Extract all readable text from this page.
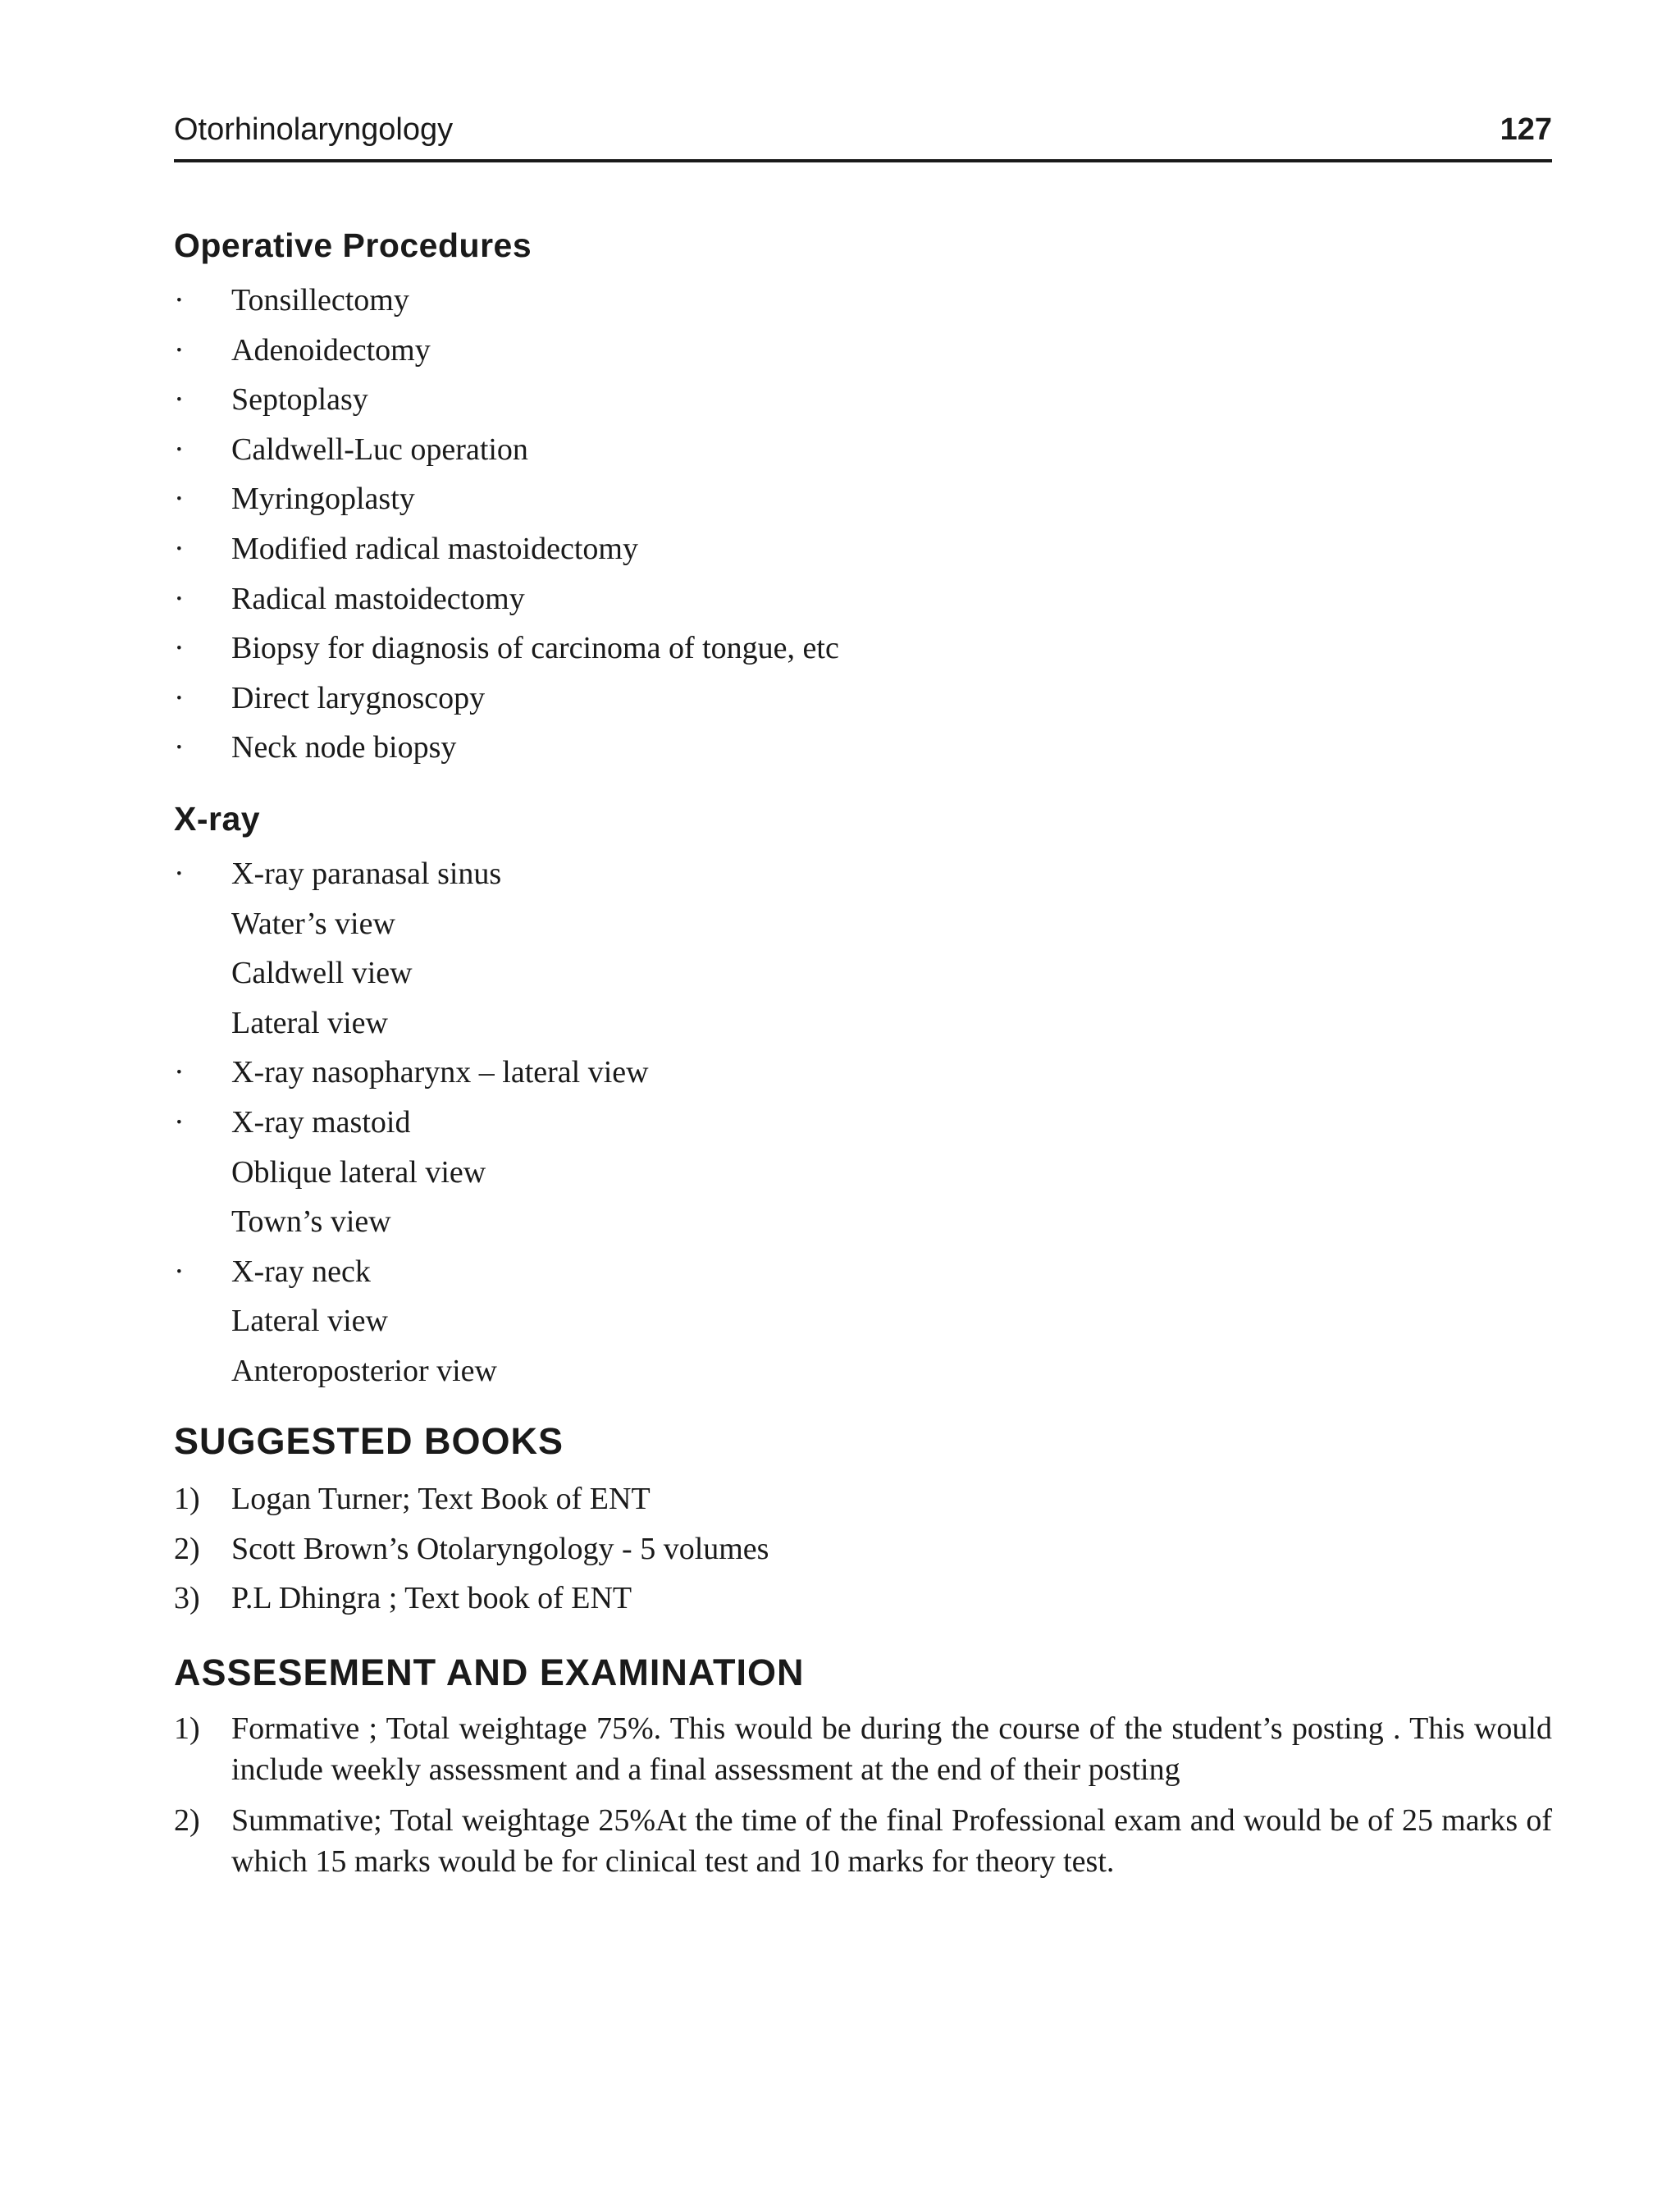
Otorhinolaryngology	127
Operative Procedures
·	Tonsillectomy
·	Adenoidectomy
·	Septoplasy
·	Caldwell-Luc operation
·	Myringoplasty
·	Modified radical mastoidectomy
·	Radical mastoidectomy
·	Biopsy for diagnosis of carcinoma of tongue, etc
·	Direct larygnoscopy
·	Neck node biopsy
X-ray
·	X-ray paranasal sinus
Water’s view
Caldwell view
Lateral view
·	X-ray nasopharynx – lateral view
·	X-ray mastoid
Oblique lateral view
Town’s view
·	X-ray neck
Lateral view
Anteroposterior view
SUGGESTED BOOKS
1)	Logan Turner; Text Book of ENT
2)	Scott Brown’s Otolaryngology - 5 volumes
3)	P.L Dhingra ; Text book of ENT
ASSESEMENT AND EXAMINATION
1) Formative ; Total weightage 75%. This would be during the course of the student’s posting . This would include weekly assessment and a final assessment at the end of their posting
2) Summative; Total weightage 25%At the time of the final Professional exam and would be of 25 marks of which 15 marks would be for clinical test and 10 marks for theory test.
